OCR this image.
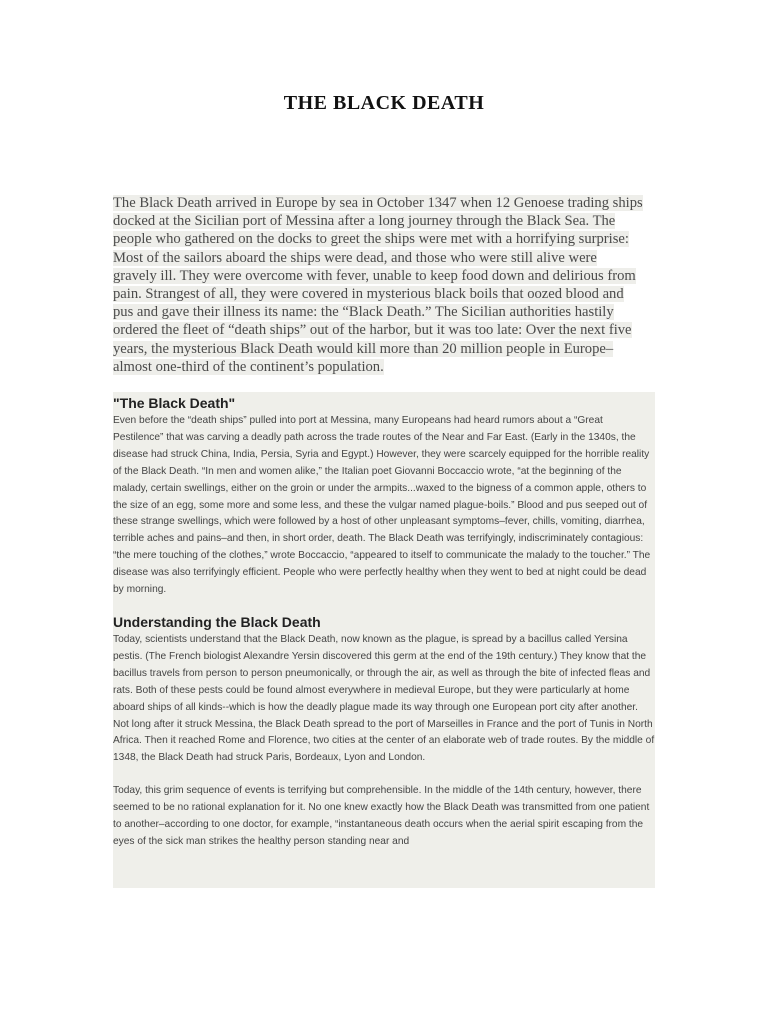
THE BLACK DEATH

The Black Death arrived in Europe by sea in October 1347 when 12 Genoese trading ships docked at the Sicilian port of Messina after a long journey through the Black Sea. The people who gathered on the docks to greet the ships were met with a horrifying surprise: Most of the sailors aboard the ships were dead, and those who were still alive were gravely ill. They were overcome with fever, unable to keep food down and delirious from pain. Strangest of all, they were covered in mysterious black boils that oozed blood and pus and gave their illness its name: the “Black Death.” The Sicilian authorities hastily ordered the fleet of “death ships” out of the harbor, but it was too late: Over the next five years, the mysterious Black Death would kill more than 20 million people in Europe–almost one-third of the continent’s population.

"The Black Death"

Even before the “death ships” pulled into port at Messina, many Europeans had heard rumors about a “Great Pestilence” that was carving a deadly path across the trade routes of the Near and Far East. (Early in the 1340s, the disease had struck China, India, Persia, Syria and Egypt.) However, they were scarcely equipped for the horrible reality of the Black Death. “In men and women alike,” the Italian poet Giovanni Boccaccio wrote, “at the beginning of the malady, certain swellings, either on the groin or under the armpits...waxed to the bigness of a common apple, others to the size of an egg, some more and some less, and these the vulgar named plague-boils.” Blood and pus seeped out of these strange swellings, which were followed by a host of other unpleasant symptoms–fever, chills, vomiting, diarrhea, terrible aches and pains–and then, in short order, death. The Black Death was terrifyingly, indiscriminately contagious: “the mere touching of the clothes,” wrote Boccaccio, “appeared to itself to communicate the malady to the toucher.” The disease was also terrifyingly efficient. People who were perfectly healthy when they went to bed at night could be dead by morning.

Understanding the Black Death

Today, scientists understand that the Black Death, now known as the plague, is spread by a bacillus called Yersina pestis. (The French biologist Alexandre Yersin discovered this germ at the end of the 19th century.) They know that the bacillus travels from person to person pneumonically, or through the air, as well as through the bite of infected fleas and rats. Both of these pests could be found almost everywhere in medieval Europe, but they were particularly at home aboard ships of all kinds--which is how the deadly plague made its way through one European port city after another. Not long after it struck Messina, the Black Death spread to the port of Marseilles in France and the port of Tunis in North Africa. Then it reached Rome and Florence, two cities at the center of an elaborate web of trade routes. By the middle of 1348, the Black Death had struck Paris, Bordeaux, Lyon and London.

Today, this grim sequence of events is terrifying but comprehensible. In the middle of the 14th century, however, there seemed to be no rational explanation for it. No one knew exactly how the Black Death was transmitted from one patient to another–according to one doctor, for example, “instantaneous death occurs when the aerial spirit escaping from the eyes of the sick man strikes the healthy person standing near and
